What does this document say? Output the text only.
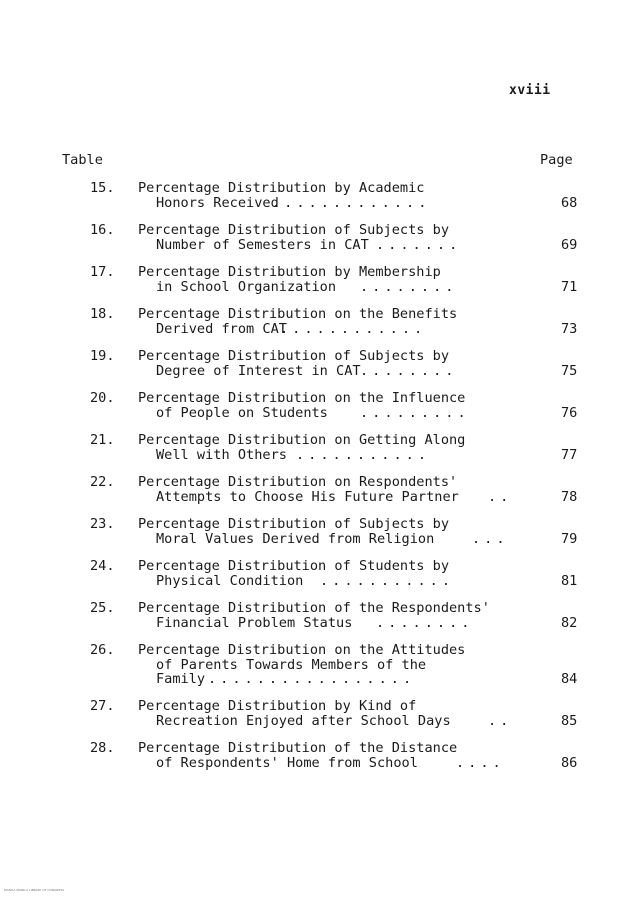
xviii
Table	Page
15. Percentage Distribution by Academic
Honors Received
.............	68
16. Percentage Distribution of Subjects by
Number of Semesters in CAT .......	69
17. Percentage Distribution by Membership
in School Organization ........	71
18. Percentage Distribution on the Benefits
Derived from CAT
............	73
19. Percentage Distribution of Subjects by
Degree of Interest in CAT ........	75
20. Percentage Distribution on the Influence
of People on Students .........	76
21. Percentage Distribution on Getting Along
Well with Others ...........	77
22. Percentage Distribution on Respondents'
Attempts to Choose His Future Partner ..	78
23. Percentage Distribution of Subjects by
Moral Values Derived from Religion	...	79
24. Percentage Distribution of Students by
Physical Condition ...........	81
25. Percentage Distribution of the Respondents'
Financial Problem Status ........	82
26. Percentage Distribution on the Attitudes
of Parents Towards Members of the
Family .................	84
27. Percentage Distribution by Kind of
Recreation Enjoyed after School Days	..	85
28. Percentage Distribution of the Distance
of Respondents' Home from School	....	86
MANILA MANILA LIBRARY OF CONGRESS
